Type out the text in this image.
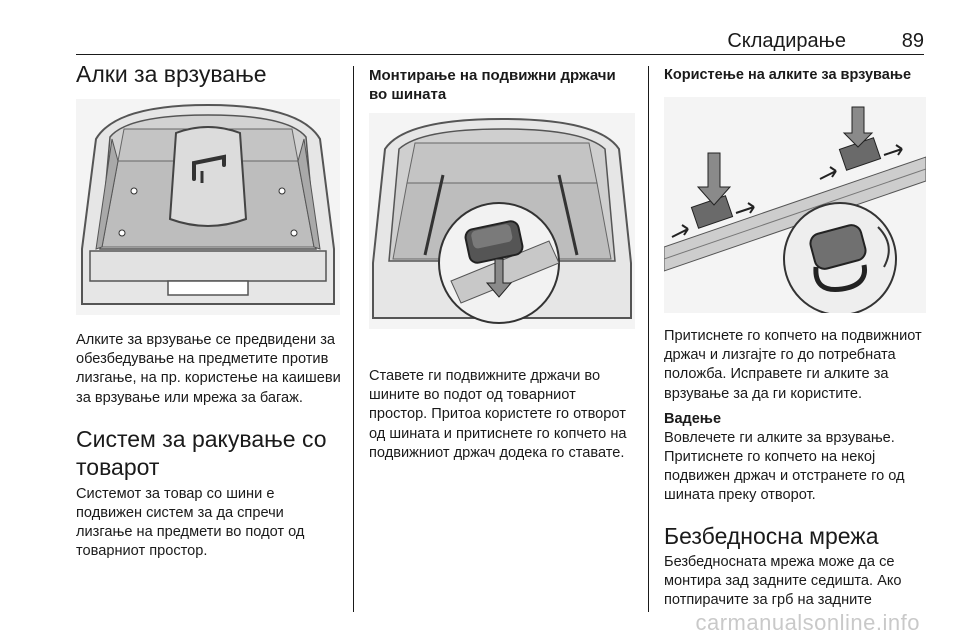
Складирање	89
Алки за врзување

Алките за врзување се предвидени за обезбедување на предметите против лизгање, на пр. користење на каишеви за врзување или мрежа за багаж.

Систем за ракување со товарот

Системот за товар со шини е подвижен систем за да спречи лизгање на предмети во подот од товарниот простор.

Монтирање на подвижни држачи во шината

Ставете ги подвижните држачи во шините во подот од товарниот простор. Притоа користете го отворот од шината и притиснете го копчето на подвижниот држач додека го ставате.

Користење на алките за врзување

Притиснете го копчето на подвижниот држач и лизгајте го до потребната положба. Исправете ги алките за врзување за да ги користите.

Вадење

Вовлечете ги алките за врзување. Притиснете го копчето на некој подвижен држач и отстранете го од шината преку отворот.

Безбедносна мрежа

Безбедносната мрежа може да се монтира зад задните седишта. Ако потпирачите за грб на задните

carmanualsonline.info
